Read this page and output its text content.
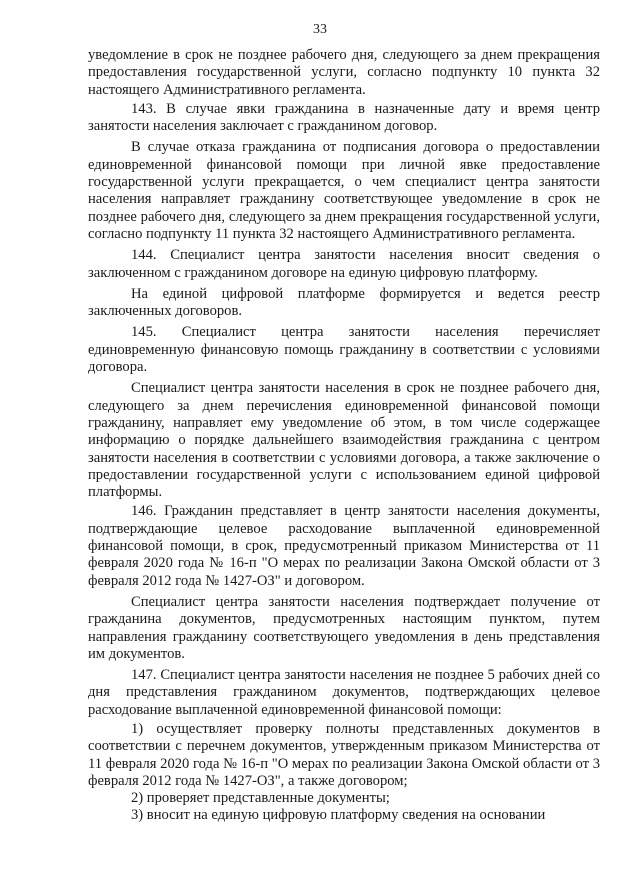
33

уведомление в срок не позднее рабочего дня, следующего за днем прекращения предоставления государственной услуги, согласно подпункту 10 пункта 32 настоящего Административного регламента.

143. В случае явки гражданина в назначенные дату и время центр занятости населения заключает с гражданином договор.

В случае отказа гражданина от подписания договора о предоставлении единовременной финансовой помощи при личной явке предоставление государственной услуги прекращается, о чем специалист центра занятости населения направляет гражданину соответствующее уведомление в срок не позднее рабочего дня, следующего за днем прекращения государственной услуги, согласно подпункту 11 пункта 32 настоящего Административного регламента.

144. Специалист центра занятости населения вносит сведения о заключенном с гражданином договоре на единую цифровую платформу.

На единой цифровой платформе формируется и ведется реестр заключенных договоров.

145. Специалист центра занятости населения перечисляет единовременную финансовую помощь гражданину в соответствии с условиями договора.

Специалист центра занятости населения в срок не позднее рабочего дня, следующего за днем перечисления единовременной финансовой помощи гражданину, направляет ему уведомление об этом, в том числе содержащее информацию о порядке дальнейшего взаимодействия гражданина с центром занятости населения в соответствии с условиями договора, а также заключение о предоставлении государственной услуги с использованием единой цифровой платформы.

146. Гражданин представляет в центр занятости населения документы, подтверждающие целевое расходование выплаченной единовременной финансовой помощи, в срок, предусмотренный приказом Министерства от 11 февраля 2020 года № 16-п "О мерах по реализации Закона Омской области от 3 февраля 2012 года № 1427-ОЗ" и договором.

Специалист центра занятости населения подтверждает получение от гражданина документов, предусмотренных настоящим пунктом, путем направления гражданину соответствующего уведомления в день представления им документов.

147. Специалист центра занятости населения не позднее 5 рабочих дней со дня представления гражданином документов, подтверждающих целевое расходование выплаченной единовременной финансовой помощи:

1) осуществляет проверку полноты представленных документов в соответствии с перечнем документов, утвержденным приказом Министерства от 11 февраля 2020 года № 16-п "О мерах по реализации Закона Омской области от 3 февраля 2012 года № 1427-ОЗ", а также договором;

2) проверяет представленные документы;

3) вносит на единую цифровую платформу сведения на основании
